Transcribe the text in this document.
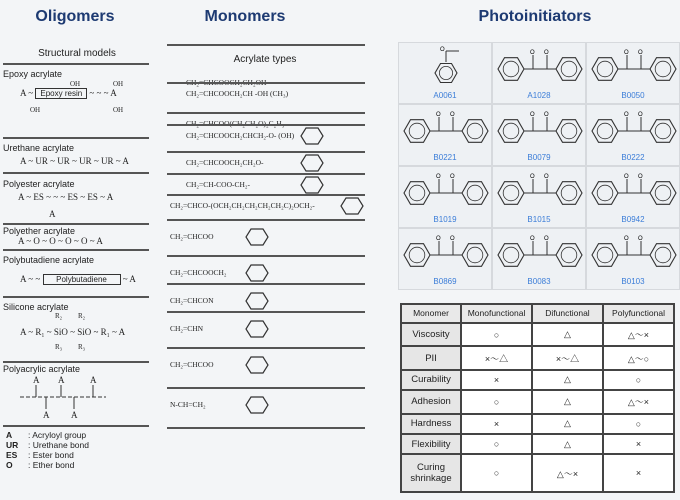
Oligomers	Monomers	Photoinitiators
Structural models
Epoxy acrylate
A ~ Epoxy resin ~ ~ ~ A
OH	OH
OH	OH
Urethane acrylate
A ~ UR ~ UR ~ UR ~ UR ~ A
Polyester acrylate
A ~ ES ~ ~ ~ ES ~ ES ~ A
A
Polyether acrylate
A ~ O ~ O ~ O ~ O ~ A
Polybutadiene acrylate
A ~ ~ Polybutadiene ~ A
Silicone acrylate
R₂ R₂
A ~ R₁ ~ SiO ~ SiO ~ R₁ ~ A
R₃ R₃
Polyacrylic acrylate
A A	A
A A
A : Acryloyl group
UR : Urethane bond
ES : Ester bond
O : Ether bond
Acrylate types
CH₂=CHCOOCH₂CH -OH (CH₃)
CH₂=CHCOOCH₂CHCH₂-O- (OH)
CH₂=CHCOOCH₂CH₂O-
CH₂=CH-COO-CH₂-
CH₂=CHCO-(OCH₂CH₂CH₂CH₂CH₂C)₂OCH₂-
CH₂=CHCOO
CH₂=CHCOOCH₂
CH₂=CHCON
CH₂=CHN
CH₂=CHCOO
N-CH=CH₂
O
A0061
O O
A1028
O O
B0050
O O
B0221
O O
B0079
O O
B0222
O O
B1019
O O
B1015
O O
B0942
O O
B0869
O O
B0083
O O
B0103
Monomer	Monofunctional	Difunctional	Polyfunctional
Viscosity	○	△	△～×
PII	×～△	×～△	△～○
Curability	×	△	○
Adhesion	○	△	△～×
Hardness	×	△	○
Flexibility	○	△	×
Curing shrinkage	○	△～×	×
